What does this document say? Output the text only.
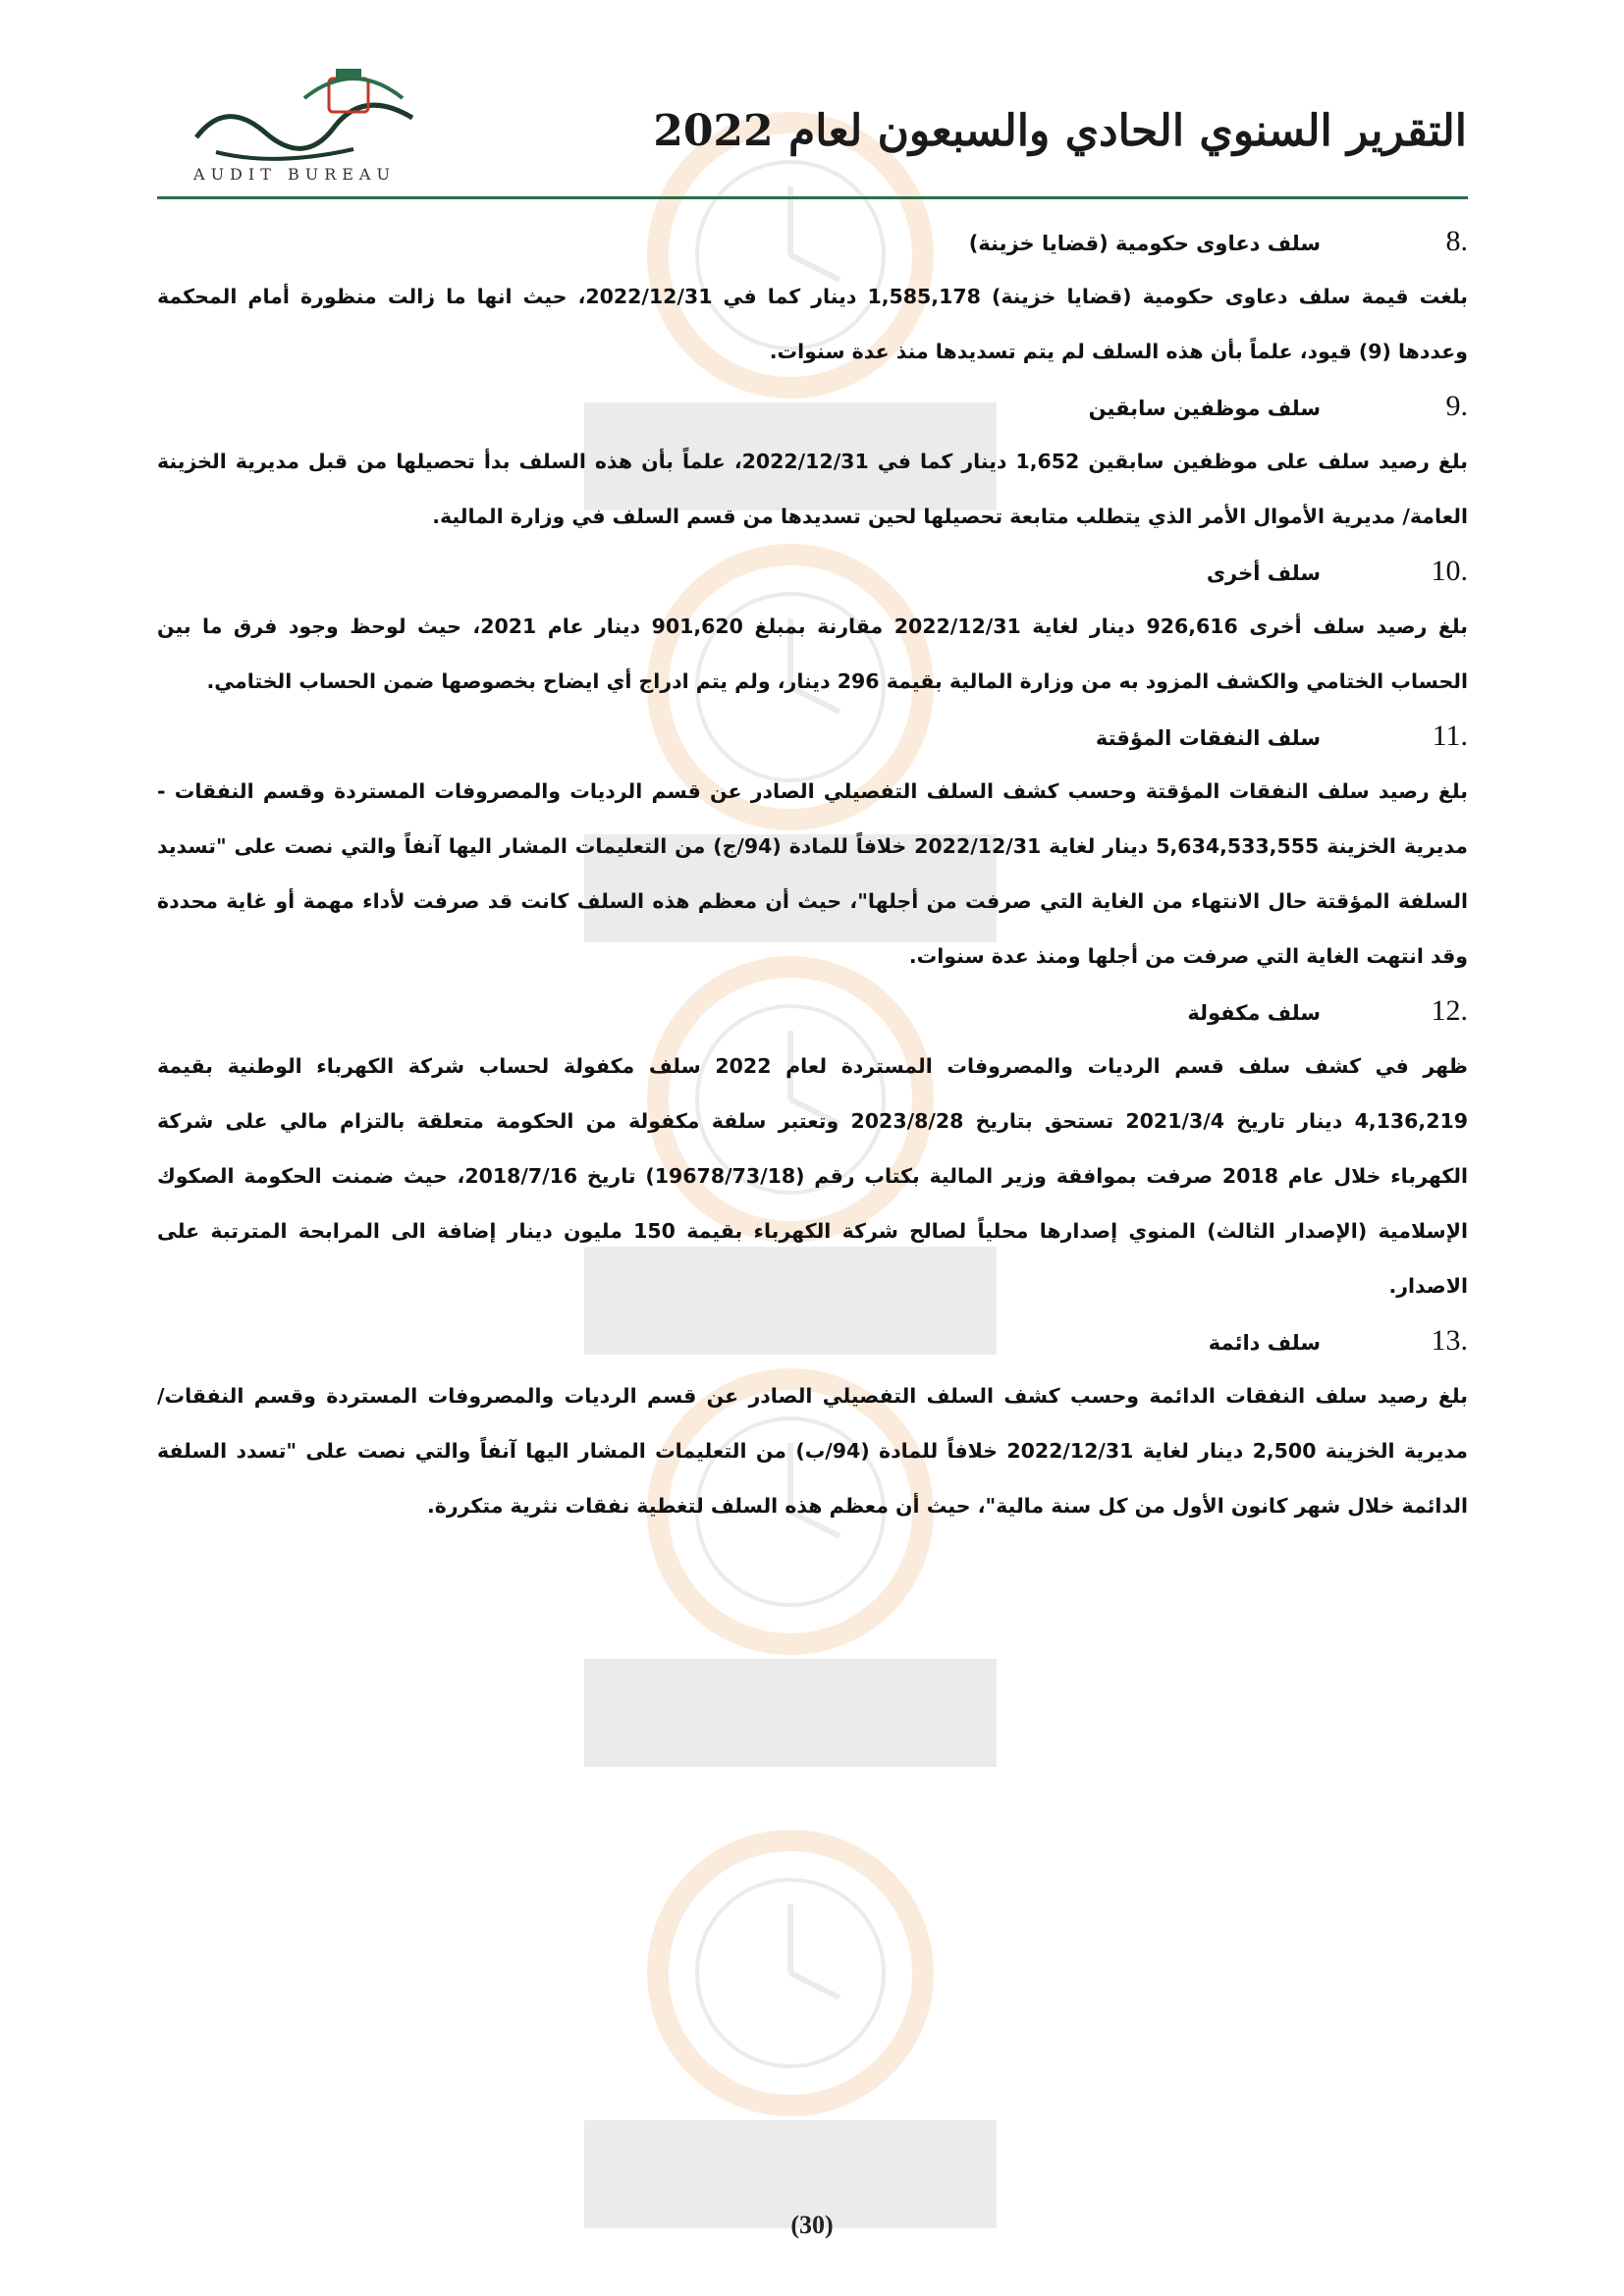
AUDIT BUREAU
التقرير السنوي الحادي والسبعون لعام 2022
8.
سلف دعاوى حكومية (قضايا خزينة)

بلغت قيمة سلف دعاوى حكومية (قضايا خزينة) 1,585,178 دينار كما في 2022/12/31، حيث انها ما زالت منظورة أمام المحكمة وعددها (9) قيود، علماً بأن هذه السلف لم يتم تسديدها منذ عدة سنوات.

9.
سلف موظفين سابقين

بلغ رصيد سلف على موظفين سابقين 1,652 دينار كما في 2022/12/31، علماً بأن هذه السلف بدأ تحصيلها من قبل مديرية الخزينة العامة/ مديرية الأموال الأمر الذي يتطلب متابعة تحصيلها لحين تسديدها من قسم السلف في وزارة المالية.

10.
سلف أخرى

بلغ رصيد سلف أخرى 926,616 دينار لغاية 2022/12/31 مقارنة بمبلغ 901,620 دينار عام 2021، حيث لوحظ وجود فرق ما بين الحساب الختامي والكشف المزود به من وزارة المالية بقيمة 296 دينار، ولم يتم ادراج أي ايضاح بخصوصها ضمن الحساب الختامي.

11.
سلف النفقات المؤقتة

بلغ رصيد سلف النفقات المؤقتة وحسب كشف السلف التفصيلي الصادر عن قسم الرديات والمصروفات المستردة وقسم النفقات - مديرية الخزينة 5,634,533,555 دينار لغاية 2022/12/31 خلافاً للمادة (94/ج) من التعليمات المشار اليها آنفاً والتي نصت على "تسديد السلفة المؤقتة حال الانتهاء من الغاية التي صرفت من أجلها"، حيث أن معظم هذه السلف كانت قد صرفت لأداء مهمة أو غاية محددة وقد انتهت الغاية التي صرفت من أجلها ومنذ عدة سنوات.

12.
سلف مكفولة

ظهر في كشف سلف قسم الرديات والمصروفات المستردة لعام 2022 سلف مكفولة لحساب شركة الكهرباء الوطنية بقيمة 4,136,219 دينار تاريخ 2021/3/4 تستحق بتاريخ 2023/8/28 وتعتبر سلفة مكفولة من الحكومة متعلقة بالتزام مالي على شركة الكهرباء خلال عام 2018 صرفت بموافقة وزير المالية بكتاب رقم (19678/73/18) تاريخ 2018/7/16، حيث ضمنت الحكومة الصكوك الإسلامية (الإصدار الثالث) المنوي إصدارها محلياً لصالح شركة الكهرباء بقيمة 150 مليون دينار إضافة الى المرابحة المترتبة على الاصدار.

13.
سلف دائمة

بلغ رصيد سلف النفقات الدائمة وحسب كشف السلف التفصيلي الصادر عن قسم الرديات والمصروفات المستردة وقسم النفقات/ مديرية الخزينة 2,500 دينار لغاية 2022/12/31 خلافاً للمادة (94/ب) من التعليمات المشار اليها آنفاً والتي نصت على "تسدد السلفة الدائمة خلال شهر كانون الأول من كل سنة مالية"، حيث أن معظم هذه السلف لتغطية نفقات نثرية متكررة.

(30)
